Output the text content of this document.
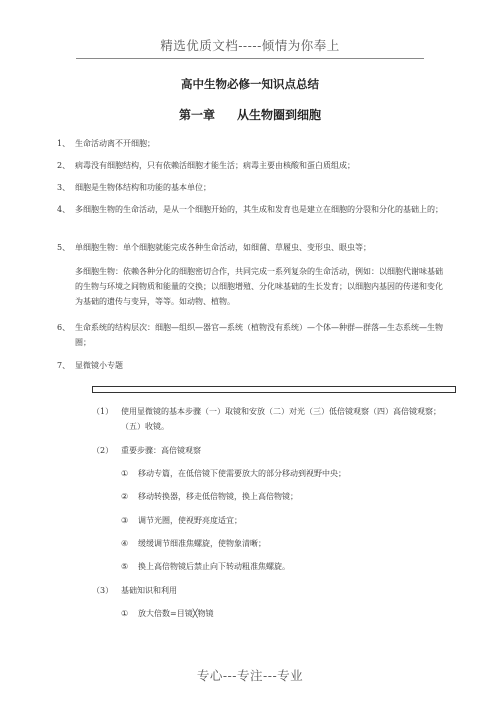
精选优质文档-----倾情为你奉上
高中生物必修一知识点总结
第一章 从生物圈到细胞
1、 生命活动离不开细胞；
2、 病毒没有细胞结构，只有依赖活细胞才能生活；病毒主要由核酸和蛋白质组成；
3、 细胞是生物体结构和功能的基本单位；
4、 多细胞生物的生命活动，是从一个细胞开始的，其生成和发育也是建立在细胞的分裂和分化的基础上的；
5、 单细胞生物：单个细胞就能完成各种生命活动，如细菌、草履虫、变形虫、眼虫等；
多细胞生物：依赖各种分化的细胞密切合作，共同完成一系列复杂的生命活动，例如：以细胞代谢味基础的生物与环境之间物质和能量的交换；以细胞增殖、分化味基础的生长发育；以细胞内基因的传递和变化为基础的遗传与变异，等等。如动物、植物。
6、 生命系统的结构层次：细胞—组织—器官—系统（植物没有系统）—个体—种群—群落—生态系统—生物圈；
7、 显微镜小专题
（1） 使用显微镜的基本步骤（一）取镜和安放（二）对光（三）低倍镜观察（四）高倍镜观察；（五）收镜。
（2） 重要步骤：高倍镜观察
①	移动专篇，在低倍镜下使需要放大的部分移动到视野中央；
②	移动转换器，移走低倍物镜，换上高倍物镜；
③	调节光圈，使视野亮度适宜；
④	缓缓调节细准焦螺旋，使物象清晰；
⑤	换上高倍物镜后禁止向下转动粗准焦螺旋。
（3） 基础知识和利用
①	放大倍数=目镜╳物镜
专心---专注---专业
